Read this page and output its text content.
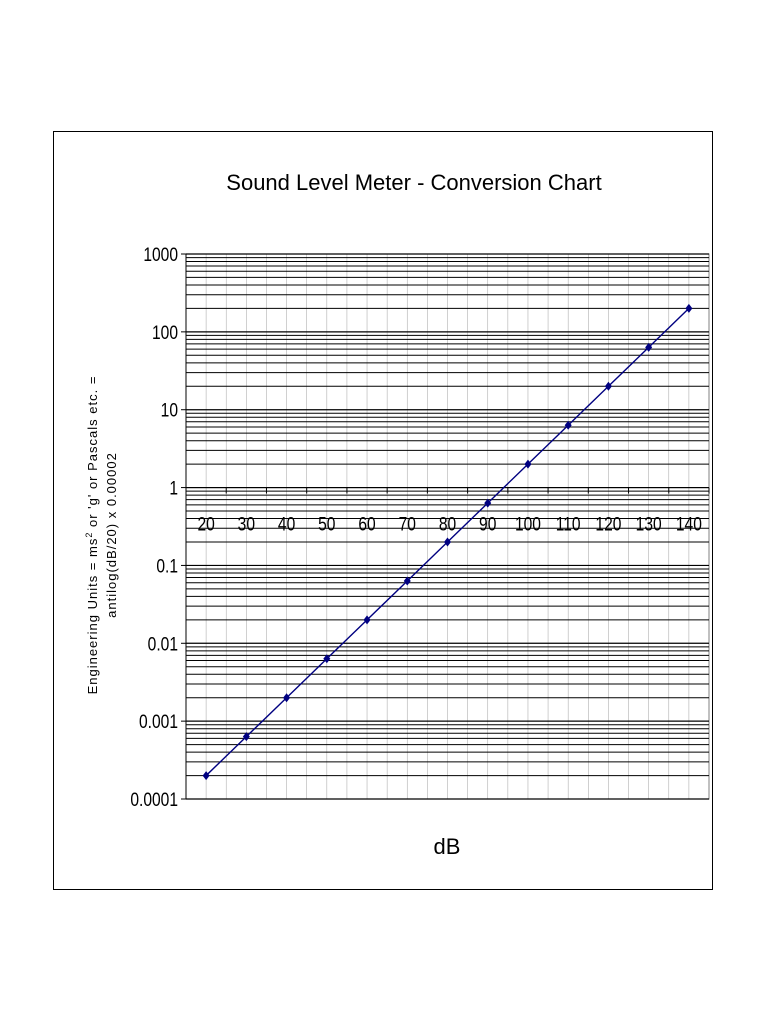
Sound Level Meter - Conversion Chart
20 30 40 50 60 70 80 90 100 110 120 130 140
0.0001
0.001
0.01
0.1
1
10
100
1000
dB
Engineering Units = $ms^2$ or 'g' or Pascals etc. = antilog(dB/20) x 0.00002
